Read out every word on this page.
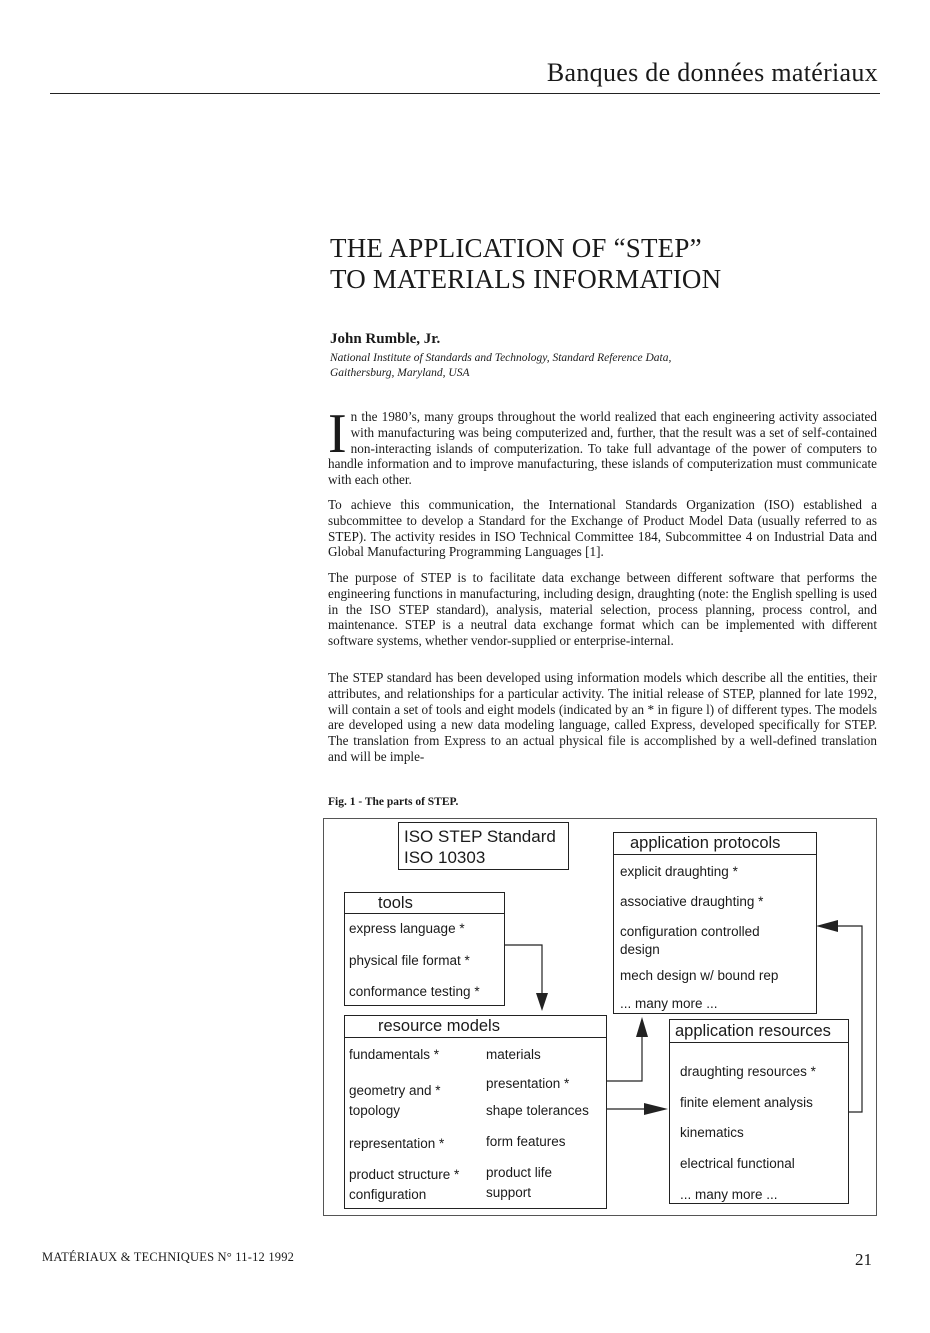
Banques de données matériaux
THE APPLICATION OF “STEP”
TO MATERIALS INFORMATION
John Rumble, Jr.
National Institute of Standards and Technology, Standard Reference Data,
Gaithersburg, Maryland, USA
In the 1980’s, many groups throughout the world realized that each engineering activity associated with manufacturing was being computerized and, further, that the result was a set of self-contained non-interacting islands of computerization. To take full advantage of the power of computers to handle information and to improve manufacturing, these islands of computerization must communicate with each other.
To achieve this communication, the International Standards Organization (ISO) established a subcommittee to develop a Standard for the Exchange of Product Model Data (usually referred to as STEP). The activity resides in ISO Technical Committee 184, Subcommittee 4 on Industrial Data and Global Manufacturing Programming Languages [1].
The purpose of STEP is to facilitate data exchange between different software that performs the engineering functions in manufacturing, including design, draughting (note: the English spelling is used in the ISO STEP standard), analysis, material selection, process planning, process control, and maintenance. STEP is a neutral data exchange format which can be implemented with different software systems, whether vendor-supplied or enterprise-internal.
The STEP standard has been developed using information models which describe all the entities, their attributes, and relationships for a particular activity. The initial release of STEP, planned for late 1992, will contain a set of tools and eight models (indicated by an * in figure l) of different types. The models are developed using a new data modeling language, called Express, developed specifically for STEP. The translation from Express to an actual physical file is accomplished by a well-defined translation and will be imple-
Fig. 1 - The parts of STEP.
ISO STEP Standard
ISO 10303
tools
express language *
physical file format *
conformance testing *
application protocols
explicit draughting *
associative draughting *
configuration controlled
design
mech design w/ bound rep
... many more ...
resource models
fundamentals *
geometry and *
topology
representation *
product structure *
configuration
materials
presentation *
shape tolerances
form features
product life
support
application resources
draughting resources *
finite element analysis
kinematics
electrical functional
... many more ...
MATÉRIAUX & TECHNIQUES N° 11-12 1992	21
